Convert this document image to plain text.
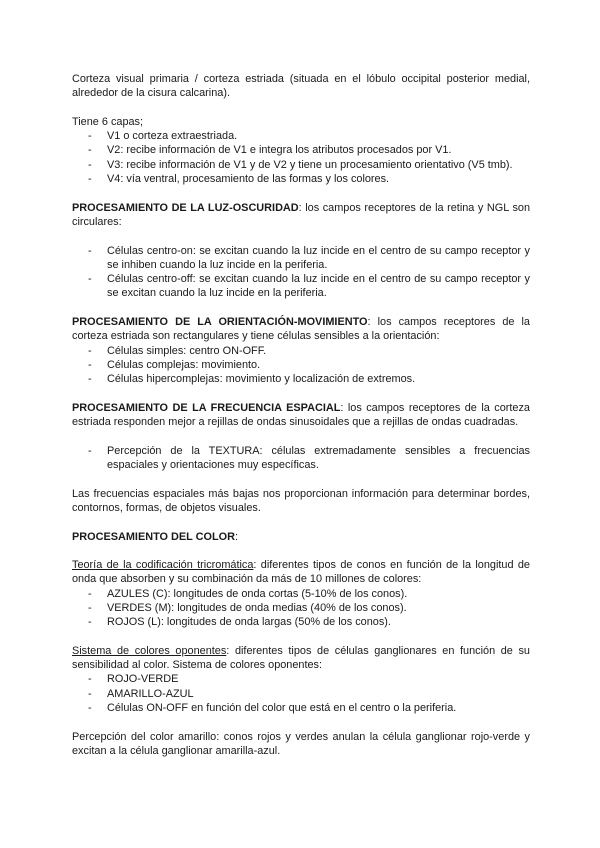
Corteza visual primaria / corteza estriada (situada en el lóbulo occipital posterior medial, alrededor de la cisura calcarina).

Tiene 6 capas;

- V1 o corteza extraestriada.
- V2: recibe información de V1 e integra los atributos procesados por V1.
- V3: recibe información de V1 y de V2 y tiene un procesamiento orientativo (V5 tmb).
- V4: vía ventral, procesamiento de las formas y los colores.

PROCESAMIENTO DE LA LUZ-OSCURIDAD: los campos receptores de la retina y NGL son circulares:

- Células centro-on: se excitan cuando la luz incide en el centro de su campo receptor y se inhiben cuando la luz incide en la periferia.
- Células centro-off: se excitan cuando la luz incide en el centro de su campo receptor y se excitan cuando la luz incide en la periferia.

PROCESAMIENTO DE LA ORIENTACIÓN-MOVIMIENTO: los campos receptores de la corteza estriada son rectangulares y tiene células sensibles a la orientación:

- Células simples: centro ON-OFF.
- Células complejas: movimiento.
- Células hipercomplejas: movimiento y localización de extremos.

PROCESAMIENTO DE LA FRECUENCIA ESPACIAL: los campos receptores de la corteza estriada responden mejor a rejillas de ondas sinusoidales que a rejillas de ondas cuadradas.

- Percepción de la TEXTURA: células extremadamente sensibles a frecuencias espaciales y orientaciones muy específicas.

Las frecuencias espaciales más bajas nos proporcionan información para determinar bordes, contornos, formas, de objetos visuales.

PROCESAMIENTO DEL COLOR:

Teoría de la codificación tricromática: diferentes tipos de conos en función de la longitud de onda que absorben y su combinación da más de 10 millones de colores:

- AZULES (C): longitudes de onda cortas (5-10% de los conos).
- VERDES (M): longitudes de onda medias (40% de los conos).
- ROJOS (L): longitudes de onda largas (50% de los conos).

Sistema de colores oponentes: diferentes tipos de células ganglionares en función de su sensibilidad al color. Sistema de colores oponentes:

- ROJO-VERDE
- AMARILLO-AZUL
- Células ON-OFF en función del color que está en el centro o la periferia.

Percepción del color amarillo: conos rojos y verdes anulan la célula ganglionar rojo-verde y excitan a la célula ganglionar amarilla-azul.
